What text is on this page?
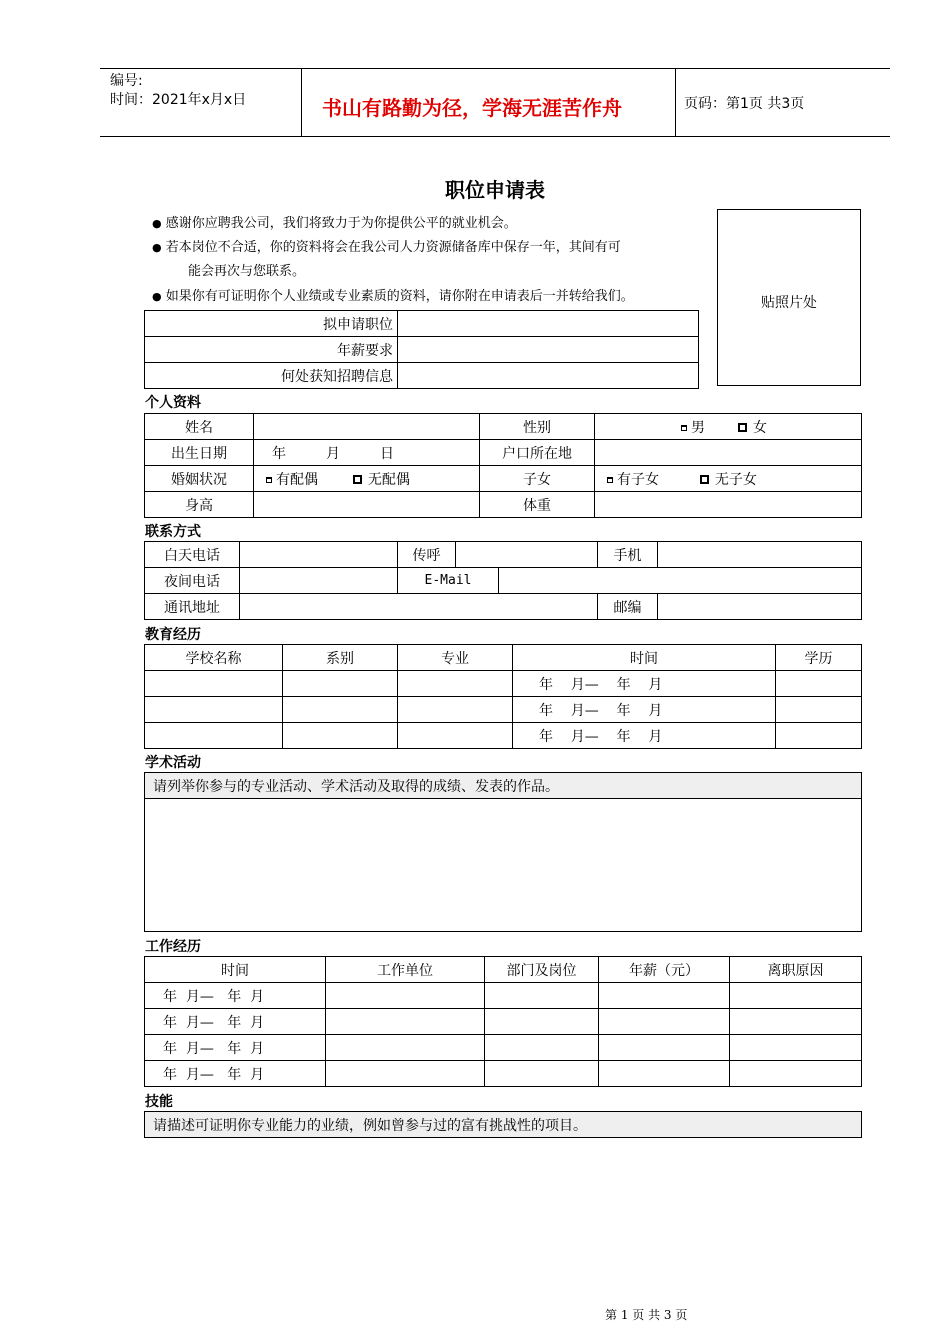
编号:
时间：2021年x月x日	书山有路勤为径，学海无涯苦作舟	页码：第1页 共3页
职位申请表
● 感谢你应聘我公司，我们将致力于为你提供公平的就业机会。
● 若本岗位不合适，你的资料将会在我公司人力资源储备库中保存一年，其间有可
能会再次与您联系。
● 如果你有可证明你个人业绩或专业素质的资料，请你附在申请表后一并转给我们。	贴照片处
拟申请职位	
年薪要求	
何处获知招聘信息	
个人资料
姓名		性别	男 女
出生日期	年 月 日	户口所在地	
婚姻状况	有配偶 无配偶	子女	有子女 无子女
身高		体重	
联系方式
白天电话		传呼			手机	
夜间电话		E-Mail				
通讯地址					邮编	
教育经历
学校名称	系别	专业	时间	学历
			年    月—    年    月	
			年    月—    年    月	
			年    月—    年    月	
学术活动
请列举你参与的专业活动、学术活动及取得的成绩、发表的作品。

工作经历
时间	工作单位	部门及岗位	年薪（元）	离职原因
年  月—   年  月				
年  月—   年  月				
年  月—   年  月				
年  月—   年  月				
技能
请描述可证明你专业能力的业绩，例如曾参与过的富有挑战性的项目。
第 1 页 共 3 页
